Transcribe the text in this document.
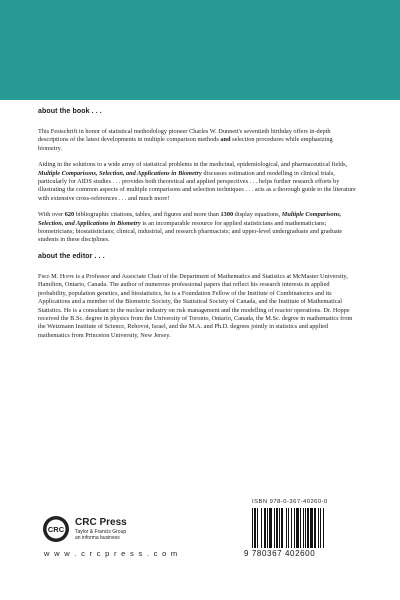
about the book . . .

This Festschrift in honor of statistical methodology pioneer Charles W. Dunnett's seventieth birthday offers in-depth descriptions of the latest developments in multiple comparison methods and selection procedures while emphasizing biometry.

Aiding in the solutions to a wide array of statistical problems in the medicinal, epidemiological, and pharmaceutical fields, Multiple Comparisons, Selection, and Applications in Biometry discusses estimation and modelling in clinical trials, particularly for AIDS studies . . . provides both theoretical and applied perspectives . . . helps further research efforts by illustrating the common aspects of multiple comparisons and selection techniques . . . acts as a thorough guide to the literature with extensive cross-references . . . and much more!

With over 620 bibliographic citations, tables, and figures and more than 1300 display equations, Multiple Comparisons, Selection, and Applications in Biometry is an incomparable resource for applied statisticians and mathematicians; biometricians; biostatisticians; clinical, industrial, and research pharmacists; and upper-level undergraduate and graduate students in these disciplines.

about the editor . . .

Fred M. Hoppe is a Professor and Associate Chair of the Department of Mathematics and Statistics at McMaster University, Hamilton, Ontario, Canada. The author of numerous professional papers that reflect his research interests in applied probability, population genetics, and biostatistics, he is a Foundation Fellow of the Institute of Combinatorics and its Applications and a member of the Biometric Society, the Statistical Society of Canada, and the Institute of Mathematical Statistics. He is a consultant to the nuclear industry on risk management and the modelling of reactor operations. Dr. Hoppe received the B.Sc. degree in physics from the University of Toronto, Ontario, Canada, the M.Sc. degree in mathematics from the Weizmann Institute of Science, Rehovot, Israel, and the M.A. and Ph.D. degrees jointly in statistics and applied mathematics from Princeton University, New Jersey.

CRC
CRC Press
Taylor & Francis Group
an informa business
w w w . c r c p r e s s . c o m
ISBN 978-0-367-40260-0
9 780367 402600
